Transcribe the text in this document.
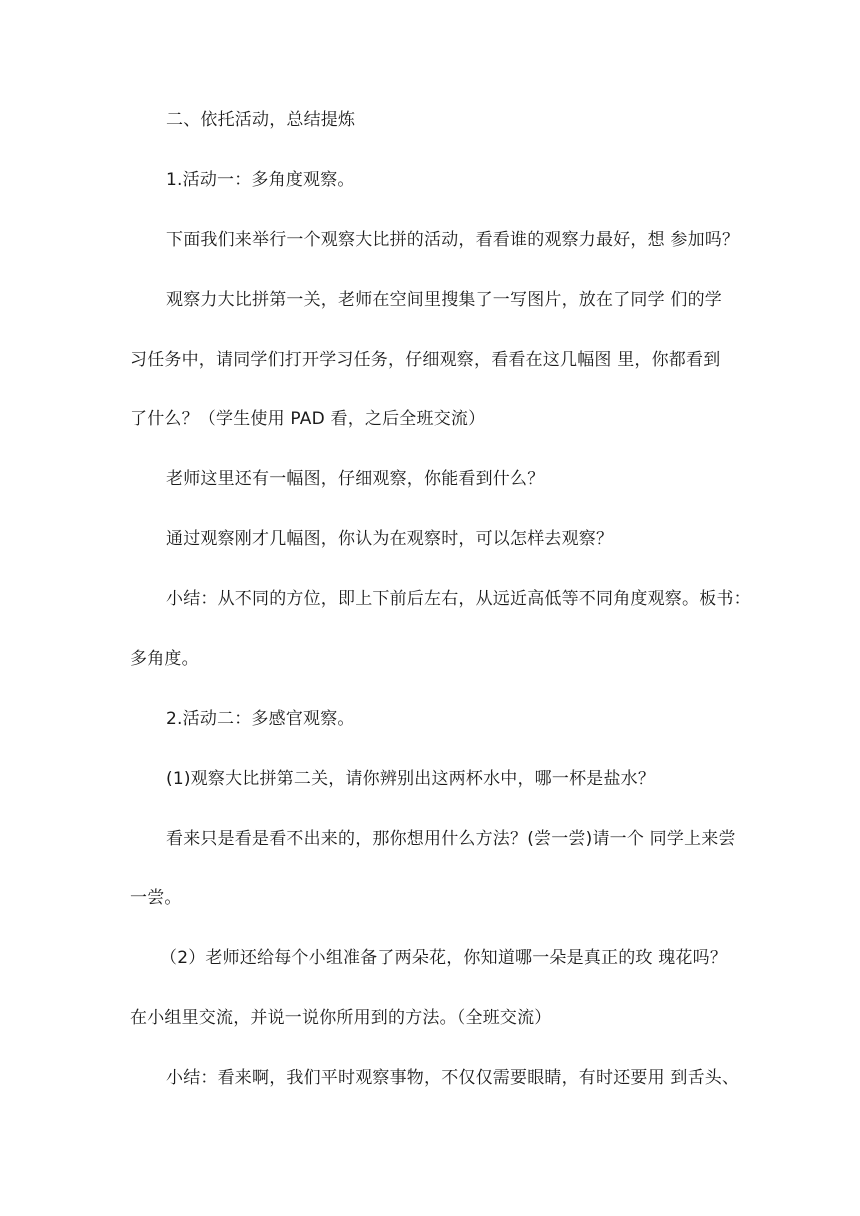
二、依托活动，总结提炼

1.活动一：多角度观察。

下面我们来举行一个观察大比拼的活动，看看谁的观察力最好，想 参加吗？

观察力大比拼第一关，老师在空间里搜集了一写图片，放在了同学 们的学

习任务中，请同学们打开学习任务，仔细观察，看看在这几幅图 里，你都看到

了什么？（学生使用 PAD 看，之后全班交流）

老师这里还有一幅图，仔细观察，你能看到什么？

通过观察刚才几幅图，你认为在观察时，可以怎样去观察？

小结：从不同的方位，即上下前后左右，从远近高低等不同角度观察。板书：

多角度。

2.活动二：多感官观察。

(1)观察大比拼第二关，请你辨别出这两杯水中，哪一杯是盐水？

看来只是看是看不出来的，那你想用什么方法？(尝一尝)请一个 同学上来尝

一尝。

（2）老师还给每个小组准备了两朵花，你知道哪一朵是真正的玫 瑰花吗？

在小组里交流，并说一说你所用到的方法。（全班交流）

小结：看来啊，我们平时观察事物，不仅仅需要眼睛，有时还要用 到舌头、
